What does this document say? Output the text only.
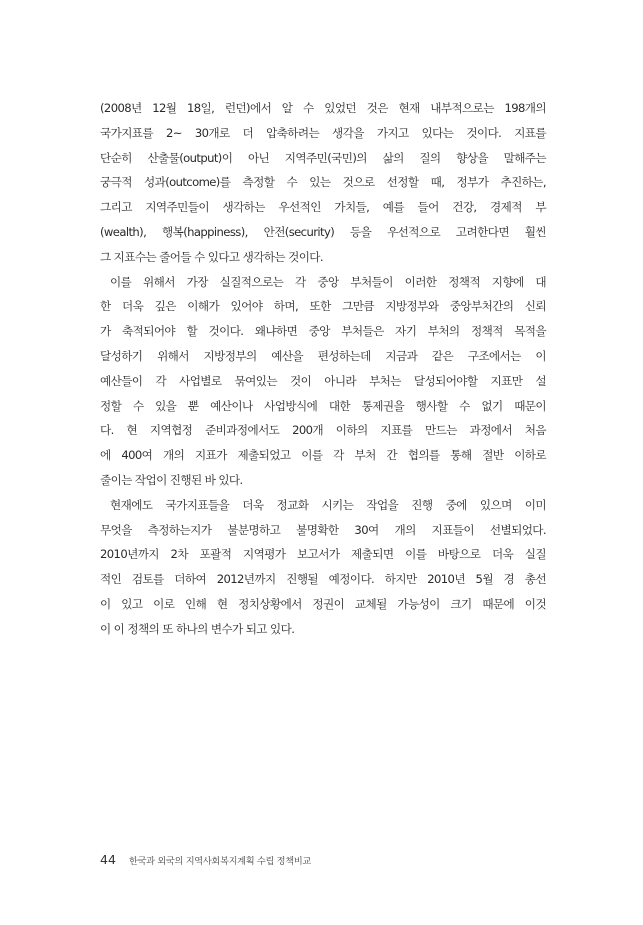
(2008년 12월 18일, 런던)에서 알 수 있었던 것은 현재 내부적으로는 198개의
국가지표를 2~ 30개로 더 압축하려는 생각을 가지고 있다는 것이다. 지표를
단순히 산출물(output)이 아닌 지역주민(국민)의 삶의 질의 향상을 말해주는
궁극적 성과(outcome)를 측정할 수 있는 것으로 선정할 때, 정부가 추진하는,
그리고 지역주민들이 생각하는 우선적인 가치들, 예를 들어 건강, 경제적 부
(wealth), 행복(happiness), 안전(security) 등을 우선적으로 고려한다면 훨씬
그 지표수는 줄어들 수 있다고 생각하는 것이다.
이를 위해서 가장 실질적으로는 각 중앙 부처들이 이러한 정책적 지향에 대
한 더욱 깊은 이해가 있어야 하며, 또한 그만큼 지방정부와 중앙부처간의 신뢰
가 축적되어야 할 것이다. 왜냐하면 중앙 부처들은 자기 부처의 정책적 목적을
달성하기 위해서 지방정부의 예산을 편성하는데 지금과 같은 구조에서는 이
예산들이 각 사업별로 묶여있는 것이 아니라 부처는 달성되어야할 지표만 설
정할 수 있을 뿐 예산이나 사업방식에 대한 통제권을 행사할 수 없기 때문이
다. 현 지역협정 준비과정에서도 200개 이하의 지표를 만드는 과정에서 처음
에 400여 개의 지표가 제출되었고 이를 각 부처 간 협의를 통해 절반 이하로
줄이는 작업이 진행된 바 있다.
현재에도 국가지표들을 더욱 정교화 시키는 작업을 진행 중에 있으며 이미
무엇을 측정하는지가 불분명하고 불명확한 30여 개의 지표들이 선별되었다.
2010년까지 2차 포괄적 지역평가 보고서가 제출되면 이를 바탕으로 더욱 실질
적인 검토를 더하여 2012년까지 진행될 예정이다. 하지만 2010년 5월 경 총선
이 있고 이로 인해 현 정치상황에서 정권이 교체될 가능성이 크기 때문에 이것
이 이 정책의 또 하나의 변수가 되고 있다.
44 한국과 외국의 지역사회복지계획 수립 정책비교
